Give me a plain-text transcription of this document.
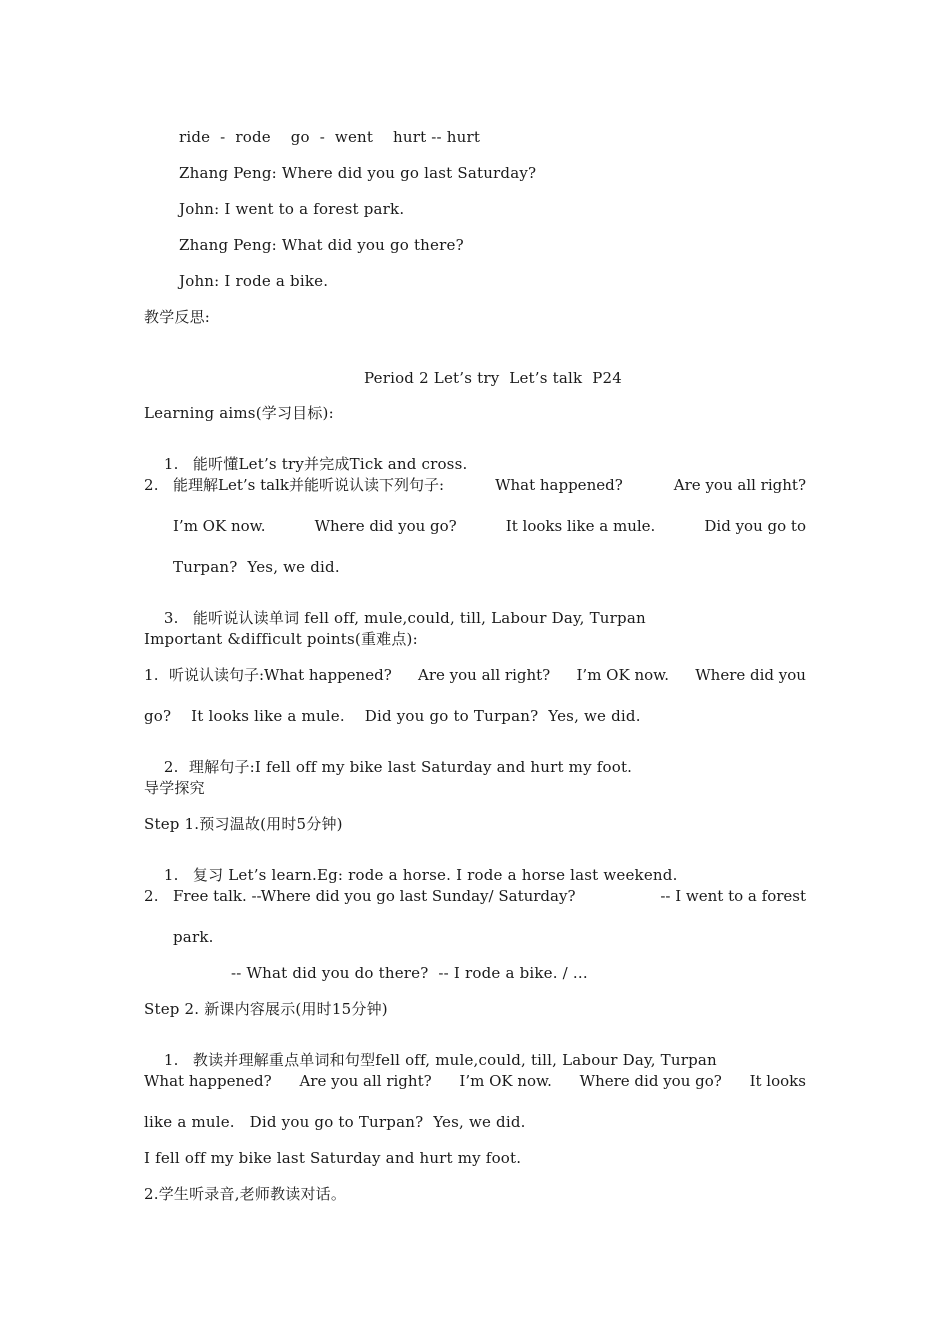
ride  -  rode    go  -  went    hurt -- hurt
Zhang Peng: Where did you go last Saturday?
John: I went to a forest park.
Zhang Peng: What did you go there?
John: I rode a bike.
教学反思:
Period 2 Let’s try  Let’s talk  P24
Learning aims(学习目标):

1. 能听懂Let’s try并完成Tick and cross.

2. 能理解Let’s talk并能听说认读下列句子:	What happened?	Are you all right?
I’m OK now.	Where did you go?	It looks like a mule.	Did you go to
Turpan?  Yes, we did.

3. 能听说认读单词 fell off, mule,could, till, Labour Day, Turpan

Important &difficult points(重难点):
1. 听说认读句子:What happened? Are you all right? I’m OK now. Where did you
go?    It looks like a mule.    Did you go to Turpan?  Yes, we did.

2. 理解句子:I fell off my bike last Saturday and hurt my foot.

导学探究
Step 1.预习温故(用时5分钟)

1. 复习 Let’s learn.Eg: rode a horse. I rode a horse last weekend.

2. Free talk. --Where did you go last Sunday/ Saturday?	-- I went to a forest
park.
-- What did you do there?  -- I rode a bike. / ...
Step 2. 新课内容展示(用时15分钟)

1. 教读并理解重点单词和句型fell off, mule,could, till, Labour Day, Turpan

What happened? Are you all right? I’m OK now. Where did you go? It looks
like a mule.   Did you go to Turpan?  Yes, we did.
I fell off my bike last Saturday and hurt my foot.
2.学生听录音,老师教读对话。
